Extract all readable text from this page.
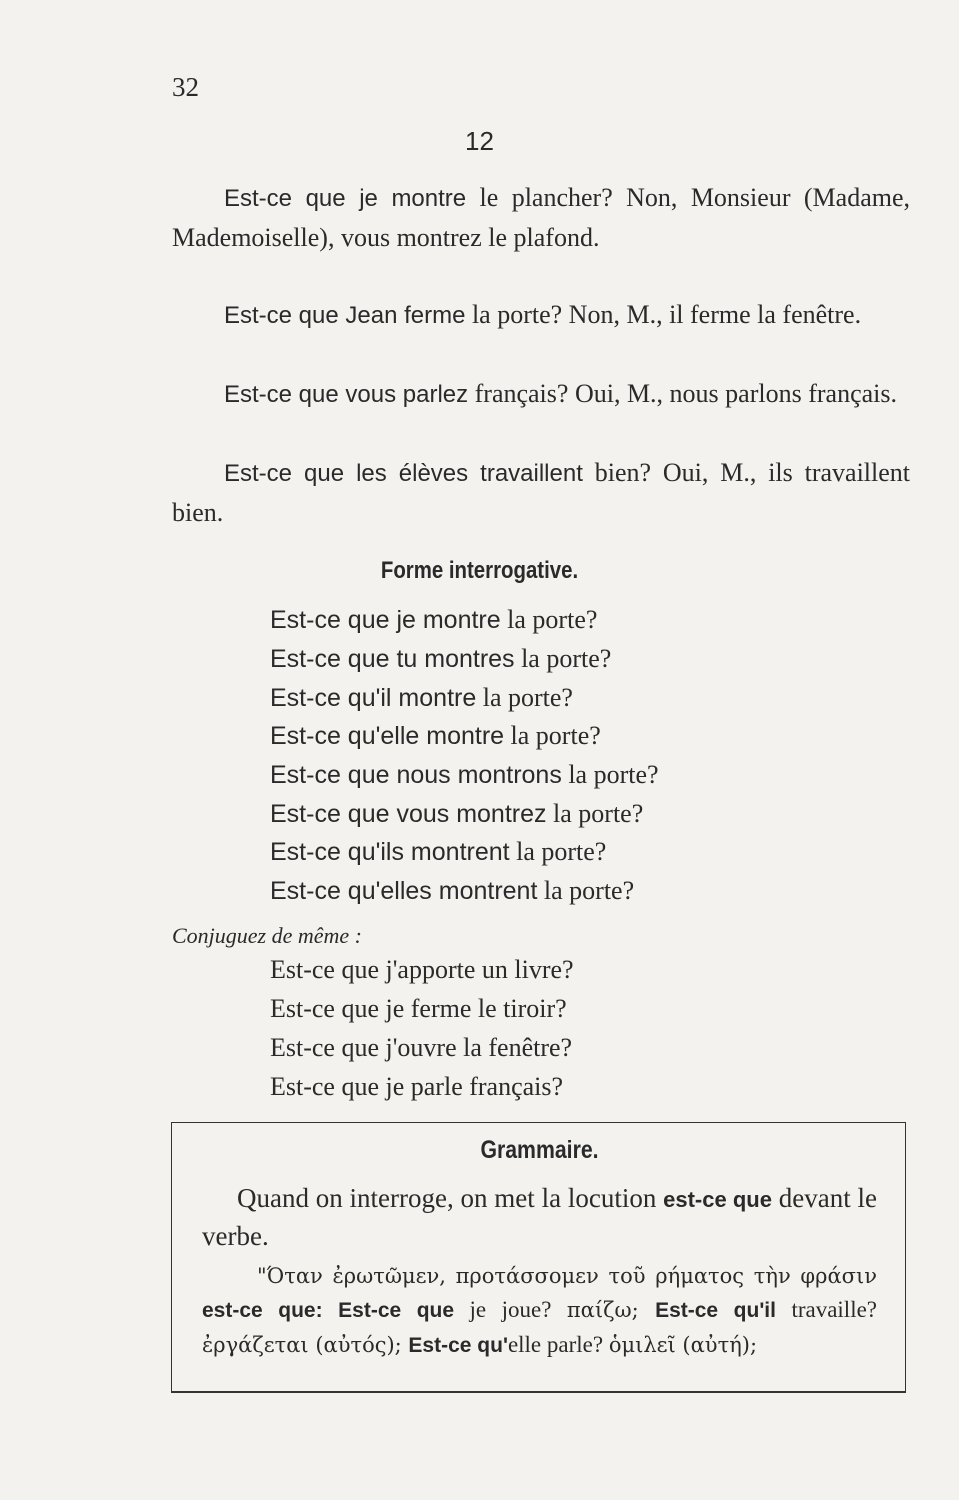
32
12
Est-ce que je montre le plancher? Non, Monsieur (Madame, Mademoiselle), vous montrez le plafond.
Est-ce que Jean ferme la porte? Non, M., il ferme la fenêtre.
Est-ce que vous parlez français? Oui, M., nous parlons français.
Est-ce que les élèves travaillent bien? Oui, M., ils travaillent bien.
Forme interrogative.
Est-ce que je montre la porte?
Est-ce que tu montres la porte?
Est-ce qu'il montre la porte?
Est-ce qu'elle montre la porte?
Est-ce que nous montrons la porte?
Est-ce que vous montrez la porte?
Est-ce qu'ils montrent la porte?
Est-ce qu'elles montrent la porte?
Conjuguez de même :
Est-ce que j'apporte un livre?
Est-ce que je ferme le tiroir?
Est-ce que j'ouvre la fenêtre?
Est-ce que je parle français?
Grammaire.
Quand on interroge, on met la locution est-ce que devant le verbe.
"Όταν ἐρωτῶμεν, προτάσσομεν τοῦ ρήματος τὴν φράσιν est-ce que: Est-ce que je joue? παίζω; Est-ce qu'il travaille? ἐργάζεται (αὐτός); Est-ce qu'elle parle? ὁμιλεῖ (αὐτή);
